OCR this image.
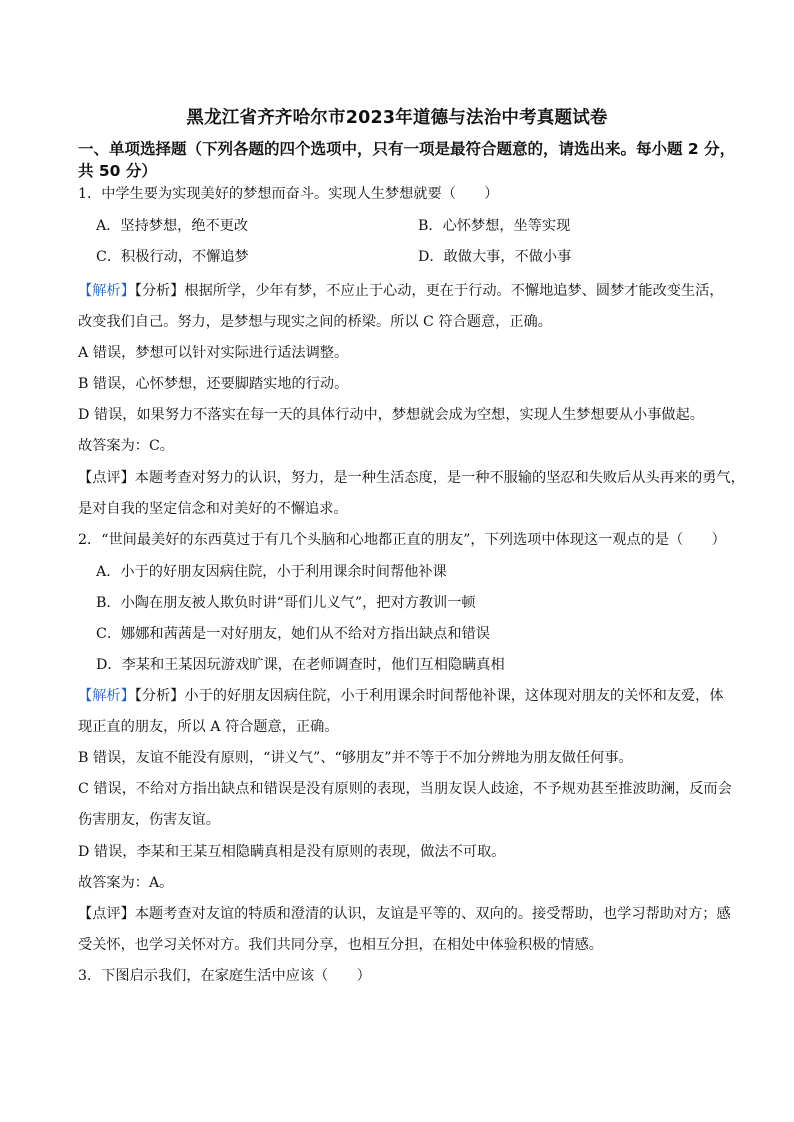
黑龙江省齐齐哈尔市2023年道德与法治中考真题试卷
一、单项选择题（下列各题的四个选项中，只有一项是最符合题意的，请选出来。每小题 2 分，
共 50 分）
1．中学生要为实现美好的梦想而奋斗。实现人生梦想就要（　　）
A．坚持梦想，绝不更改	B．心怀梦想，坐等实现
C．积极行动，不懈追梦	D．敢做大事，不做小事
【解析】【分析】根据所学，少年有梦，不应止于心动，更在于行动。不懈地追梦、圆梦才能改变生活，
改变我们自己。努力，是梦想与现实之间的桥梁。所以 C 符合题意，正确。
A 错误，梦想可以针对实际进行适法调整。
B 错误，心怀梦想，还要脚踏实地的行动。
D 错误，如果努力不落实在每一天的具体行动中，梦想就会成为空想，实现人生梦想要从小事做起。
故答案为：C。
【点评】本题考查对努力的认识，努力，是一种生活态度，是一种不服输的坚忍和失败后从头再来的勇气，
是对自我的坚定信念和对美好的不懈追求。
2．“世间最美好的东西莫过于有几个头脑和心地都正直的朋友”，下列选项中体现这一观点的是（　　）
A．小于的好朋友因病住院，小于利用课余时间帮他补课
B．小陶在朋友被人欺负时讲“哥们儿义气”，把对方教训一顿
C．娜娜和茜茜是一对好朋友，她们从不给对方指出缺点和错误
D．李某和王某因玩游戏旷课，在老师调查时，他们互相隐瞒真相
【解析】【分析】小于的好朋友因病住院，小于利用课余时间帮他补课，这体现对朋友的关怀和友爱，体
现正直的朋友，所以 A 符合题意，正确。
B 错误，友谊不能没有原则，“讲义气”、“够朋友”并不等于不加分辨地为朋友做任何事。
C 错误，不给对方指出缺点和错误是没有原则的表现，当朋友误人歧途，不予规劝甚至推波助澜，反而会
伤害朋友，伤害友谊。
D 错误，李某和王某互相隐瞒真相是没有原则的表现，做法不可取。
故答案为：A。
【点评】本题考查对友谊的特质和澄清的认识，友谊是平等的、双向的。接受帮助，也学习帮助对方；感
受关怀，也学习关怀对方。我们共同分享，也相互分担，在相处中体验积极的情感。
3．下图启示我们，在家庭生活中应该（　　）
